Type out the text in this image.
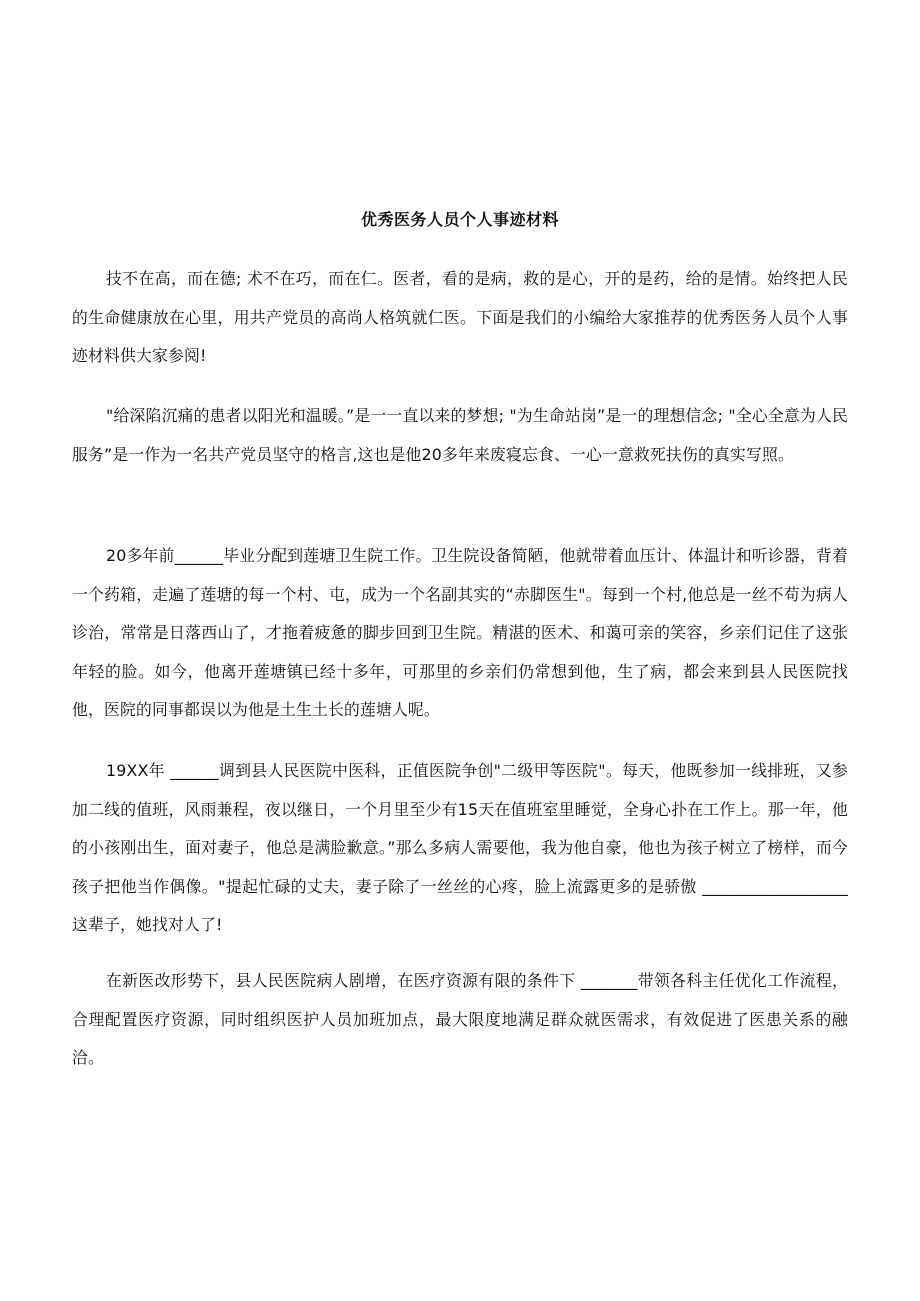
优秀医务人员个人事迹材料

技不在高，而在德; 术不在巧，而在仁。医者，看的是病，救的是心，开的是药，给的是情。始终把人民的生命健康放在心里，用共产党员的高尚人格筑就仁医。下面是我们的小编给大家推荐的优秀医务人员个人事迹材料供大家参阅!

"给深陷沉痛的患者以阳光和温暖。”是一一直以来的梦想; "为生命站岗”是一的理想信念; "全心全意为人民服务”是一作为一名共产党员坚守的格言,这也是他20多年来废寝忘食、一心一意救死扶伤的真实写照。

20多年前______毕业分配到莲塘卫生院工作。卫生院设备简陋，他就带着血压计、体温计和听诊器，背着一个药箱，走遍了莲塘的每一个村、屯，成为一个名副其实的“赤脚医生"。每到一个村,他总是一丝不苟为病人诊治，常常是日落西山了，才拖着疲惫的脚步回到卫生院。精湛的医术、和蔼可亲的笑容，乡亲们记住了这张年轻的脸。如今，他离开莲塘镇已经十多年，可那里的乡亲们仍常想到他，生了病，都会来到县人民医院找他，医院的同事都误以为他是土生土长的莲塘人呢。

19XX年 ______调到县人民医院中医科，正值医院争创"二级甲等医院"。每天，他既参加一线排班，又参加二线的值班，风雨兼程，夜以继日，一个月里至少有15天在值班室里睡觉，全身心扑在工作上。那一年，他的小孩刚出生，面对妻子，他总是满脸歉意。”那么多病人需要他，我为他自豪，他也为孩子树立了榜样，而今孩子把他当作偶像。"提起忙碌的丈夫，妻子除了一丝丝的心疼，脸上流露更多的是骄傲 __________________这辈子，她找对人了!

在新医改形势下，县人民医院病人剧增，在医疗资源有限的条件下 _______带领各科主任优化工作流程，合理配置医疗资源，同时组织医护人员加班加点，最大限度地满足群众就医需求，有效促进了医患关系的融洽。
